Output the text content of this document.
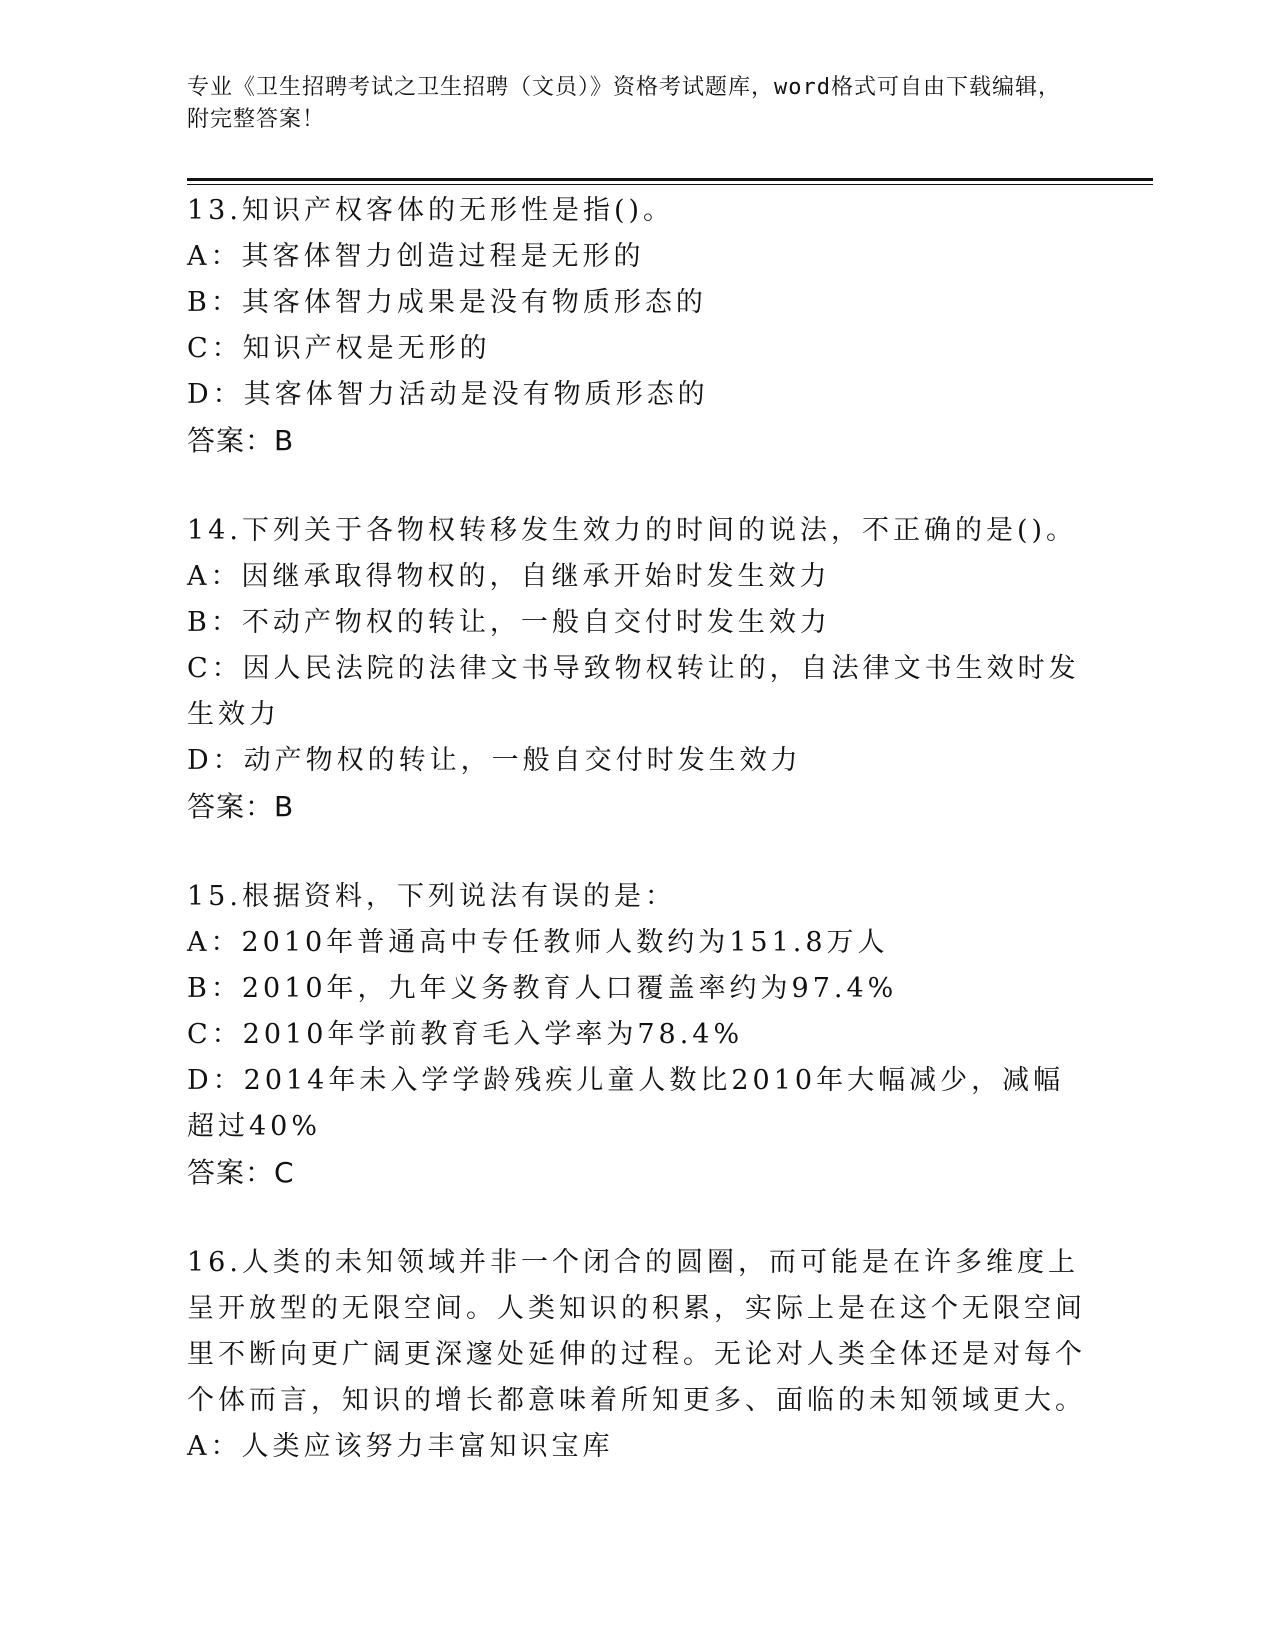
专业《卫生招聘考试之卫生招聘（文员）》资格考试题库，word格式可自由下载编辑，附完整答案！
13.知识产权客体的无形性是指()。
A：其客体智力创造过程是无形的
B：其客体智力成果是没有物质形态的
C：知识产权是无形的
D：其客体智力活动是没有物质形态的
答案：B
14.下列关于各物权转移发生效力的时间的说法，不正确的是()。
A：因继承取得物权的，自继承开始时发生效力
B：不动产物权的转让，一般自交付时发生效力
C：因人民法院的法律文书导致物权转让的，自法律文书生效时发生效力
D：动产物权的转让，一般自交付时发生效力
答案：B
15.根据资料，下列说法有误的是：
A：2010年普通高中专任教师人数约为151.8万人
B：2010年，九年义务教育人口覆盖率约为97.4%
C：2010年学前教育毛入学率为78.4%
D：2014年未入学学龄残疾儿童人数比2010年大幅减少，减幅超过40%
答案：C
16.人类的未知领域并非一个闭合的圆圈，而可能是在许多维度上呈开放型的无限空间。人类知识的积累，实际上是在这个无限空间里不断向更广阔更深邃处延伸的过程。无论对人类全体还是对每个个体而言，知识的增长都意味着所知更多、面临的未知领域更大。
A：人类应该努力丰富知识宝库
